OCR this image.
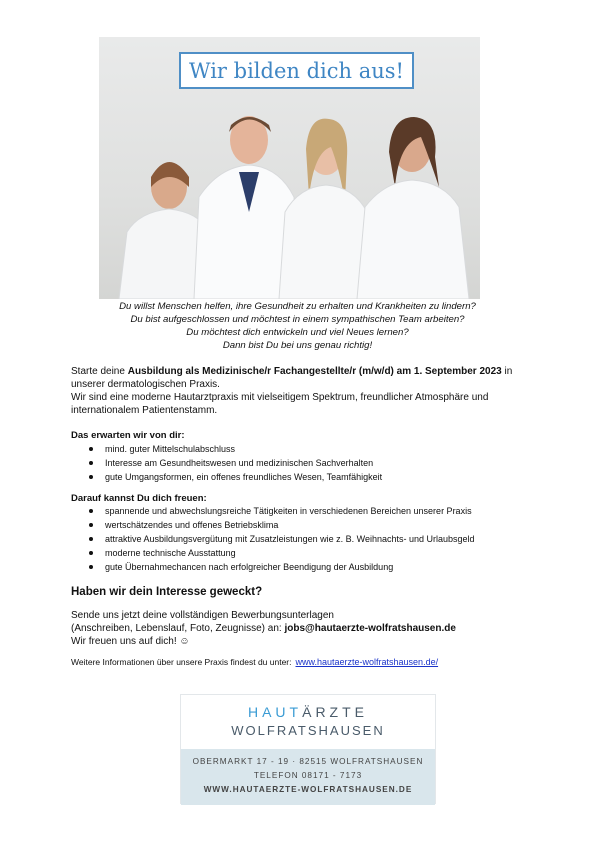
Wir bilden dich aus!
Du willst Menschen helfen, ihre Gesundheit zu erhalten und Krankheiten zu lindern?
Du bist aufgeschlossen und möchtest in einem sympathischen Team arbeiten?
Du möchtest dich entwickeln und viel Neues lernen?
Dann bist Du bei uns genau richtig!
Starte deine Ausbildung als Medizinische/r Fachangestellte/r (m/w/d) am 1. September 2023 in unserer dermatologischen Praxis.
Wir sind eine moderne Hautarztpraxis mit vielseitigem Spektrum, freundlicher Atmosphäre und internationalem Patientenstamm.
Das erwarten wir von dir:
mind. guter Mittelschulabschluss
Interesse am Gesundheitswesen und medizinischen Sachverhalten
gute Umgangsformen, ein offenes freundliches Wesen, Teamfähigkeit
Darauf kannst Du dich freuen:
spannende und abwechslungsreiche Tätigkeiten in verschiedenen Bereichen unserer Praxis
wertschätzendes und offenes Betriebsklima
attraktive Ausbildungsvergütung mit Zusatzleistungen wie z. B. Weihnachts- und Urlaubsgeld
moderne technische Ausstattung
gute Übernahmechancen nach erfolgreicher Beendigung der Ausbildung
Haben wir dein Interesse geweckt?
Sende uns jetzt deine vollständigen Bewerbungsunterlagen
(Anschreiben, Lebenslauf, Foto, Zeugnisse) an: jobs@hautaerzte-wolfratshausen.de
Wir freuen uns auf dich! ☺
Weitere Informationen über unsere Praxis findest du unter: www.hautaerzte-wolfratshausen.de/
HAUTÄRZTE
WOLFRATSHAUSEN
OBERMARKT 17 - 19 · 82515 WOLFRATSHAUSEN
TELEFON 08171 - 7173
WWW.HAUTAERZTE-WOLFRATSHAUSEN.DE
